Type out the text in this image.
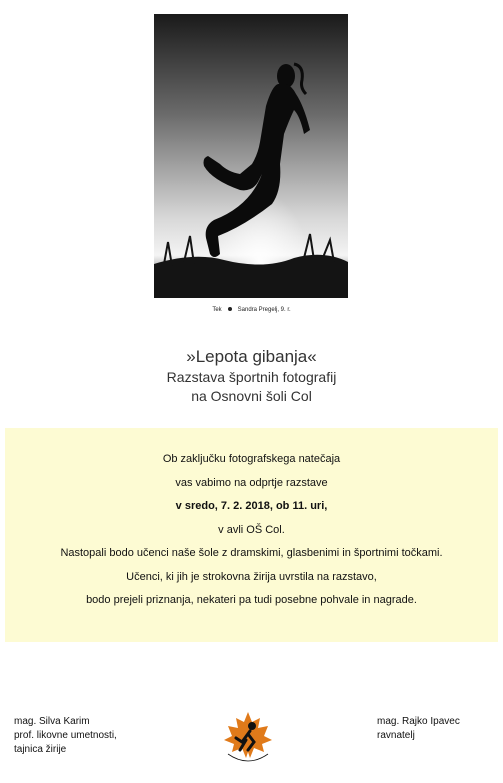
Tek	Sandra Pregelj, 9. r.

»Lepota gibanja«

Razstava športnih fotografij

na Osnovni šoli Col

Ob zaključku fotografskega natečaja

vas vabimo na odprtje razstave

v sredo, 7. 2. 2018, ob 11. uri,

v avli OŠ Col.

Nastopali bodo učenci naše šole z dramskimi, glasbenimi in športnimi točkami.

Učenci, ki jih je strokovna žirija uvrstila na razstavo,

bodo prejeli priznanja, nekateri pa tudi posebne pohvale in nagrade.

mag. Silva Karim
prof. likovne umetnosti,
tajnica žirije
mag. Rajko Ipavec
ravnatelj
